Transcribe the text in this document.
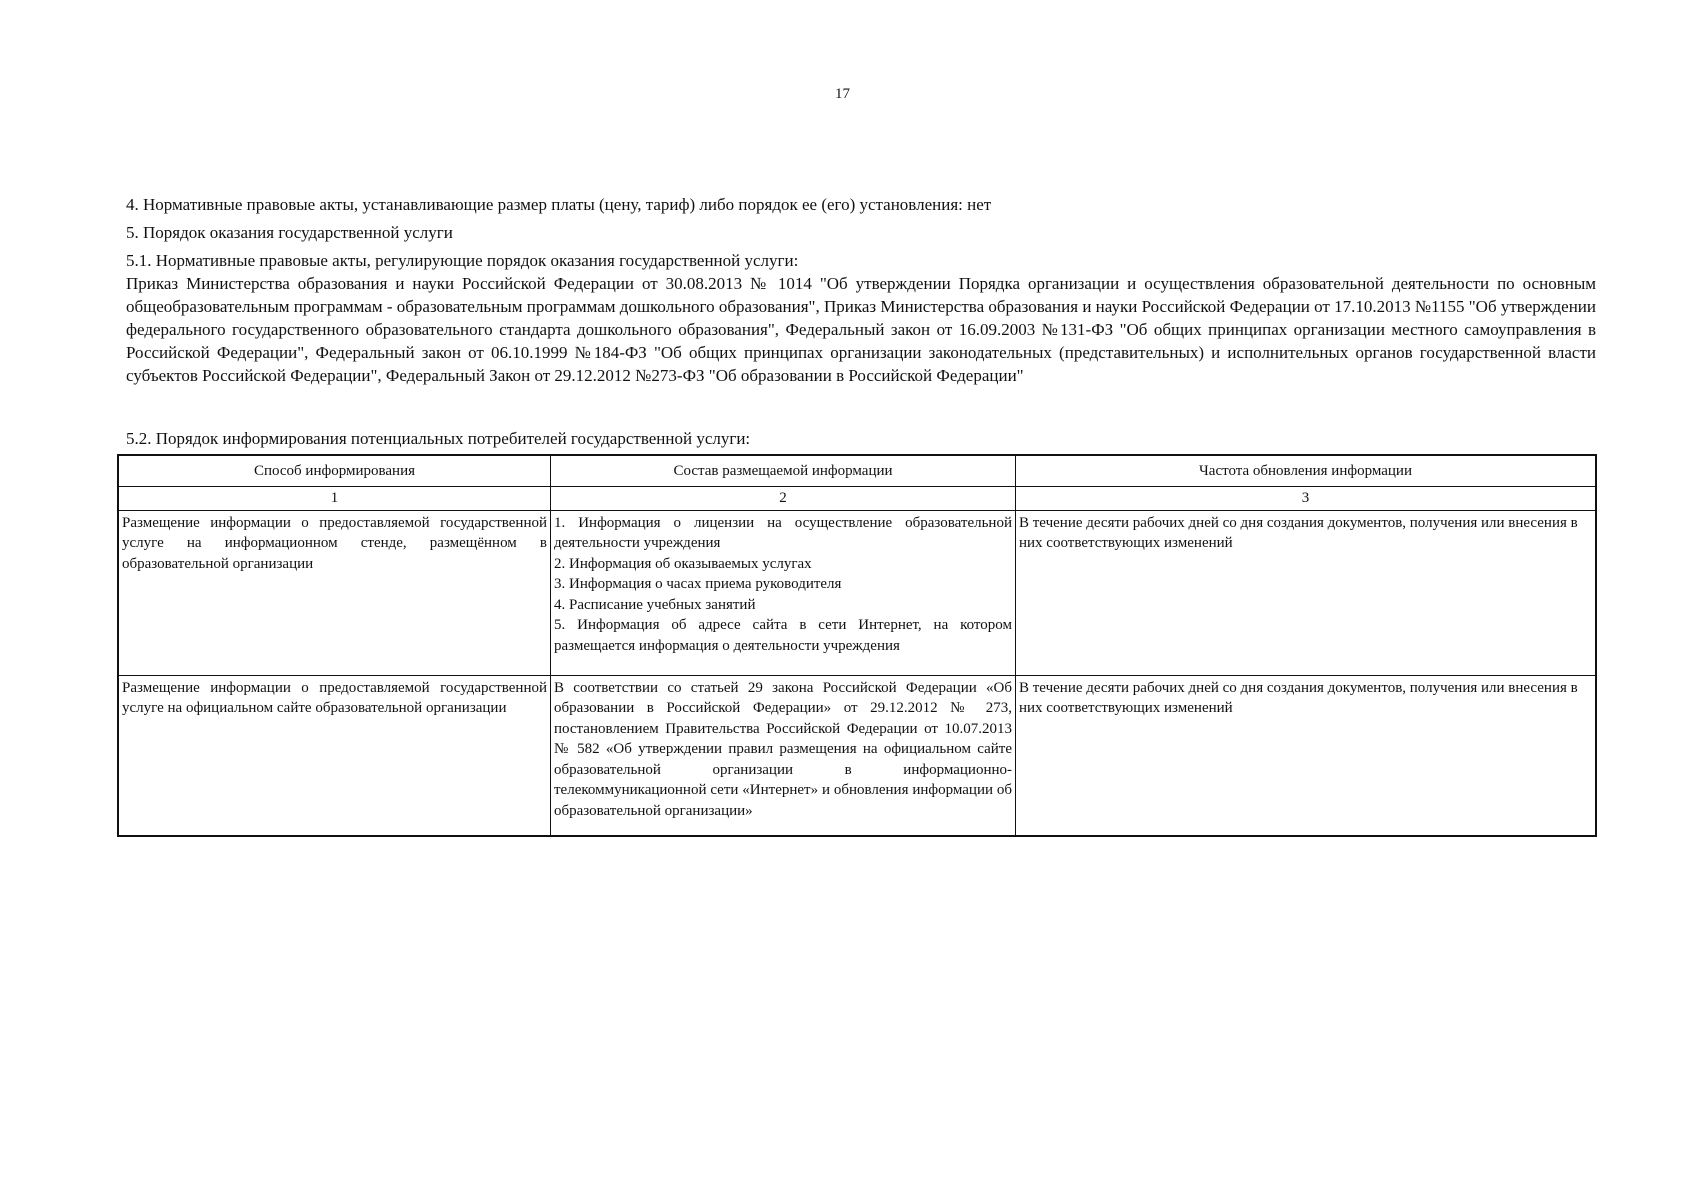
17

4. Нормативные правовые акты, устанавливающие размер платы (цену, тариф) либо порядок ее (его) установления: нет

5. Порядок оказания государственной услуги

5.1. Нормативные правовые акты, регулирующие порядок оказания государственной услуги:

Приказ Министерства образования и науки Российской Федерации от 30.08.2013 № 1014 "Об утверждении Порядка организации и осуществления образовательной деятельности по основным общеобразовательным программам - образовательным программам дошкольного образования", Приказ Министерства образования и науки Российской Федерации от 17.10.2013 №1155 "Об утверждении федерального государственного образовательного стандарта дошкольного образования", Федеральный закон от 16.09.2003 №131-ФЗ "Об общих принципах организации местного самоуправления в Российской Федерации", Федеральный закон от 06.10.1999 №184-ФЗ "Об общих принципах организации законодательных (представительных) и исполнительных органов государственной власти субъектов Российской Федерации", Федеральный Закон от 29.12.2012 №273-ФЗ "Об образовании в Российской Федерации"

5.2. Порядок информирования потенциальных потребителей государственной услуги:

Способ информирования	Состав размещаемой информации	Частота обновления информации
1	2	3
Размещение информации о предоставляемой государственной услуге на информационном стенде, размещённом в образовательной организации	1. Информация о лицензии на осуществление образовательной деятельности учреждения
2. Информация об оказываемых услугах
3. Информация о часах приема руководителя
4. Расписание учебных занятий
5. Информация об адресе сайта в сети Интернет, на котором размещается информация о деятельности учреждения	В течение десяти рабочих дней со дня создания документов, получения или внесения в них соответствующих изменений
Размещение информации о предоставляемой государственной услуге на официальном сайте образовательной организации	В соответствии со статьей 29 закона Российской Федерации «Об образовании в Российской Федерации» от 29.12.2012 № 273, постановлением Правительства Российской Федерации от 10.07.2013 № 582 «Об утверждении правил размещения на официальном сайте образовательной организации в информационно-телекоммуникационной сети «Интернет» и обновления информации об образовательной организации»	В течение десяти рабочих дней со дня создания документов, получения или внесения в них соответствующих изменений
